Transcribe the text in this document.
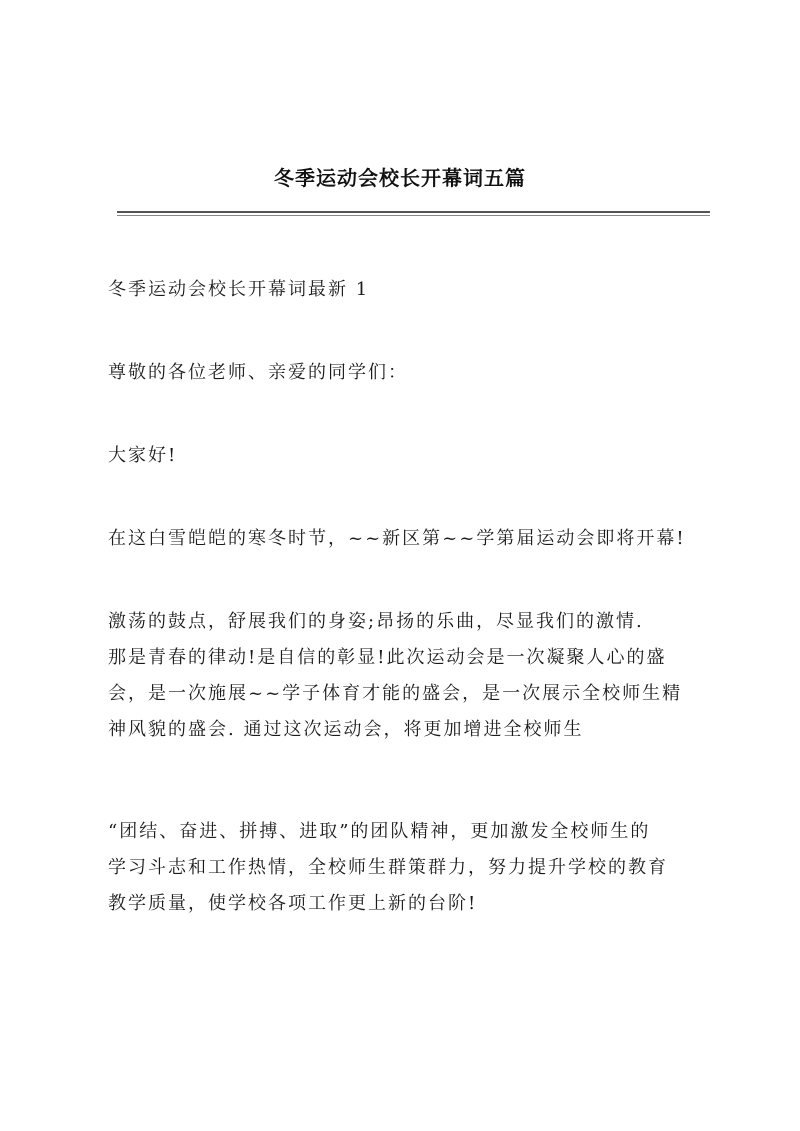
冬季运动会校长开幕词五篇

冬季运动会校长开幕词最新 1

尊敬的各位老师、亲爱的同学们：

大家好!

在这白雪皑皑的寒冬时节，~~新区第~~学第届运动会即将开幕!

激荡的鼓点，舒展我们的身姿;昂扬的乐曲，尽显我们的激情.
那是青春的律动!是自信的彰显!此次运动会是一次凝聚人心的盛
会，是一次施展~~学子体育才能的盛会，是一次展示全校师生精
神风貌的盛会. 通过这次运动会，将更加增进全校师生

“团结、奋进、拼搏、进取”的团队精神，更加激发全校师生的
学习斗志和工作热情，全校师生群策群力，努力提升学校的教育
教学质量，使学校各项工作更上新的台阶!
